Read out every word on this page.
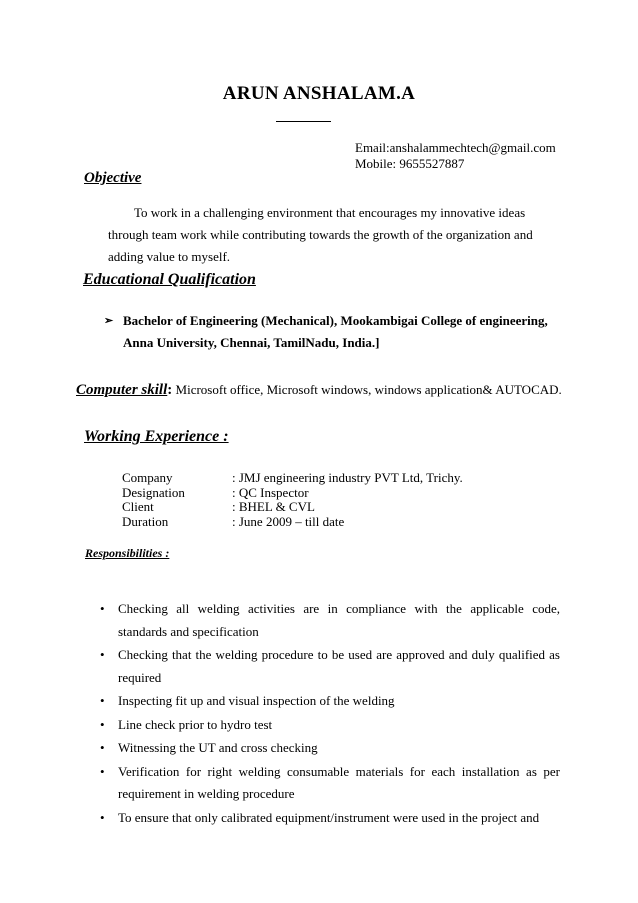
ARUN ANSHALAM.A
Email:anshalammechtech@gmail.com
Mobile: 9655527887
Objective
To work in a challenging environment that encourages my innovative ideas
through team work while contributing towards the growth of the organization and
adding value to myself.
Educational Qualification
➢ Bachelor of Engineering (Mechanical), Mookambigai College of engineering,
Anna University, Chennai, TamilNadu, India.]
Computer skill: Microsoft office, Microsoft windows, windows application& AUTOCAD.
Working Experience :
Company	: JMJ engineering industry PVT Ltd, Trichy.
Designation	: QC Inspector
Client	: BHEL & CVL
Duration	: June 2009 – till date
Responsibilities :
• Checking all welding activities are in compliance with the applicable code, standards and specification
• Checking that the welding procedure to be used are approved and duly qualified as required
• Inspecting fit up and visual inspection of the welding
• Line check prior to hydro test
• Witnessing the UT and cross checking
• Verification for right welding consumable materials for each installation as per requirement in welding procedure
• To ensure that only calibrated equipment/instrument were used in the project and
